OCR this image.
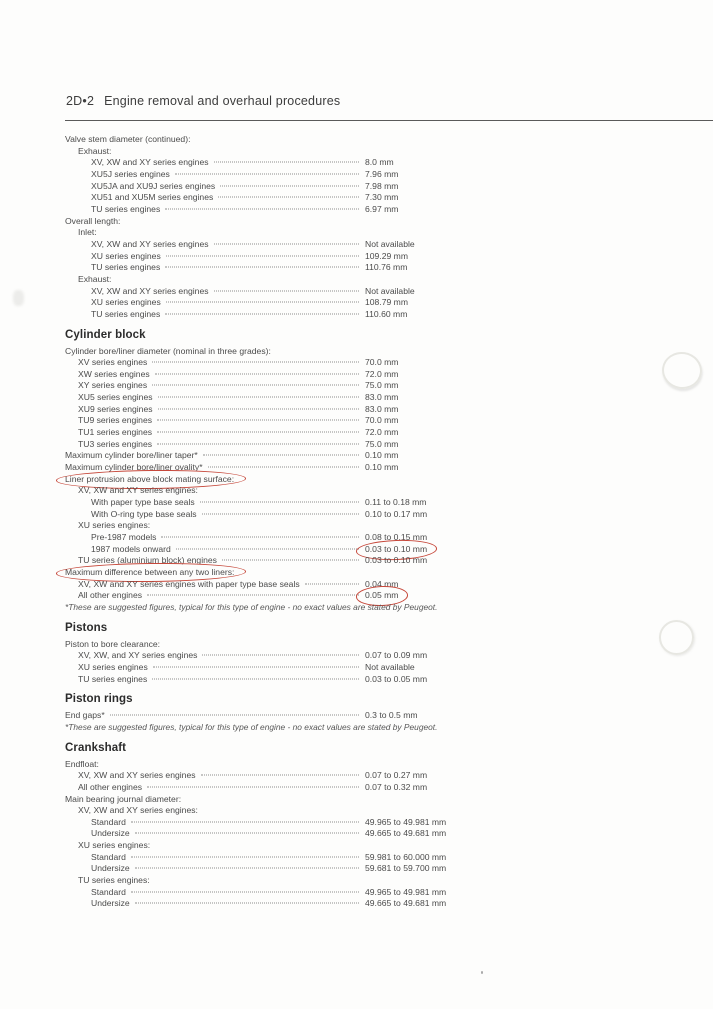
2D•2 Engine removal and overhaul procedures
Valve stem diameter (continued):
Exhaust:
XV, XW and XY series engines	8.0 mm
XU5J series engines	7.96 mm
XU5JA and XU9J series engines	7.98 mm
XU51 and XU5M series engines	7.30 mm
TU series engines	6.97 mm
Overall length:
Inlet:
XV, XW and XY series engines	Not available
XU series engines	109.29 mm
TU series engines	110.76 mm
Exhaust:
XV, XW and XY series engines	Not available
XU series engines	108.79 mm
TU series engines	110.60 mm
Cylinder block
Cylinder bore/liner diameter (nominal in three grades):
XV series engines	70.0 mm
XW series engines	72.0 mm
XY series engines	75.0 mm
XU5 series engines	83.0 mm
XU9 series engines	83.0 mm
TU9 series engines	70.0 mm
TU1 series engines	72.0 mm
TU3 series engines	75.0 mm
Maximum cylinder bore/liner taper*	0.10 mm
Maximum cylinder bore/liner ovality*	0.10 mm
Liner protrusion above block mating surface:
XV, XW and XY series engines:
With paper type base seals	0.11 to 0.18 mm
With O-ring type base seals	0.10 to 0.17 mm
XU series engines:
Pre-1987 models	0.08 to 0.15 mm
1987 models onward	0.03 to 0.10 mm
TU series (aluminium block) engines	0.03 to 0.10 mm
Maximum difference between any two liners:
XV, XW and XY series engines with paper type base seals	0.04 mm
All other engines	0.05 mm
*These are suggested figures, typical for this type of engine - no exact values are stated by Peugeot.
Pistons
Piston to bore clearance:
XV, XW, and XY series engines	0.07 to 0.09 mm
XU series engines	Not available
TU series engines	0.03 to 0.05 mm
Piston rings
End gaps*	0.3 to 0.5 mm
*These are suggested figures, typical for this type of engine - no exact values are stated by Peugeot.
Crankshaft
Endfloat:
XV, XW and XY series engines	0.07 to 0.27 mm
All other engines	0.07 to 0.32 mm
Main bearing journal diameter:
XV, XW and XY series engines:
Standard	49.965 to 49.981 mm
Undersize	49.665 to 49.681 mm
XU series engines:
Standard	59.981 to 60.000 mm
Undersize	59.681 to 59.700 mm
TU series engines:
Standard	49.965 to 49.981 mm
Undersize	49.665 to 49.681 mm
